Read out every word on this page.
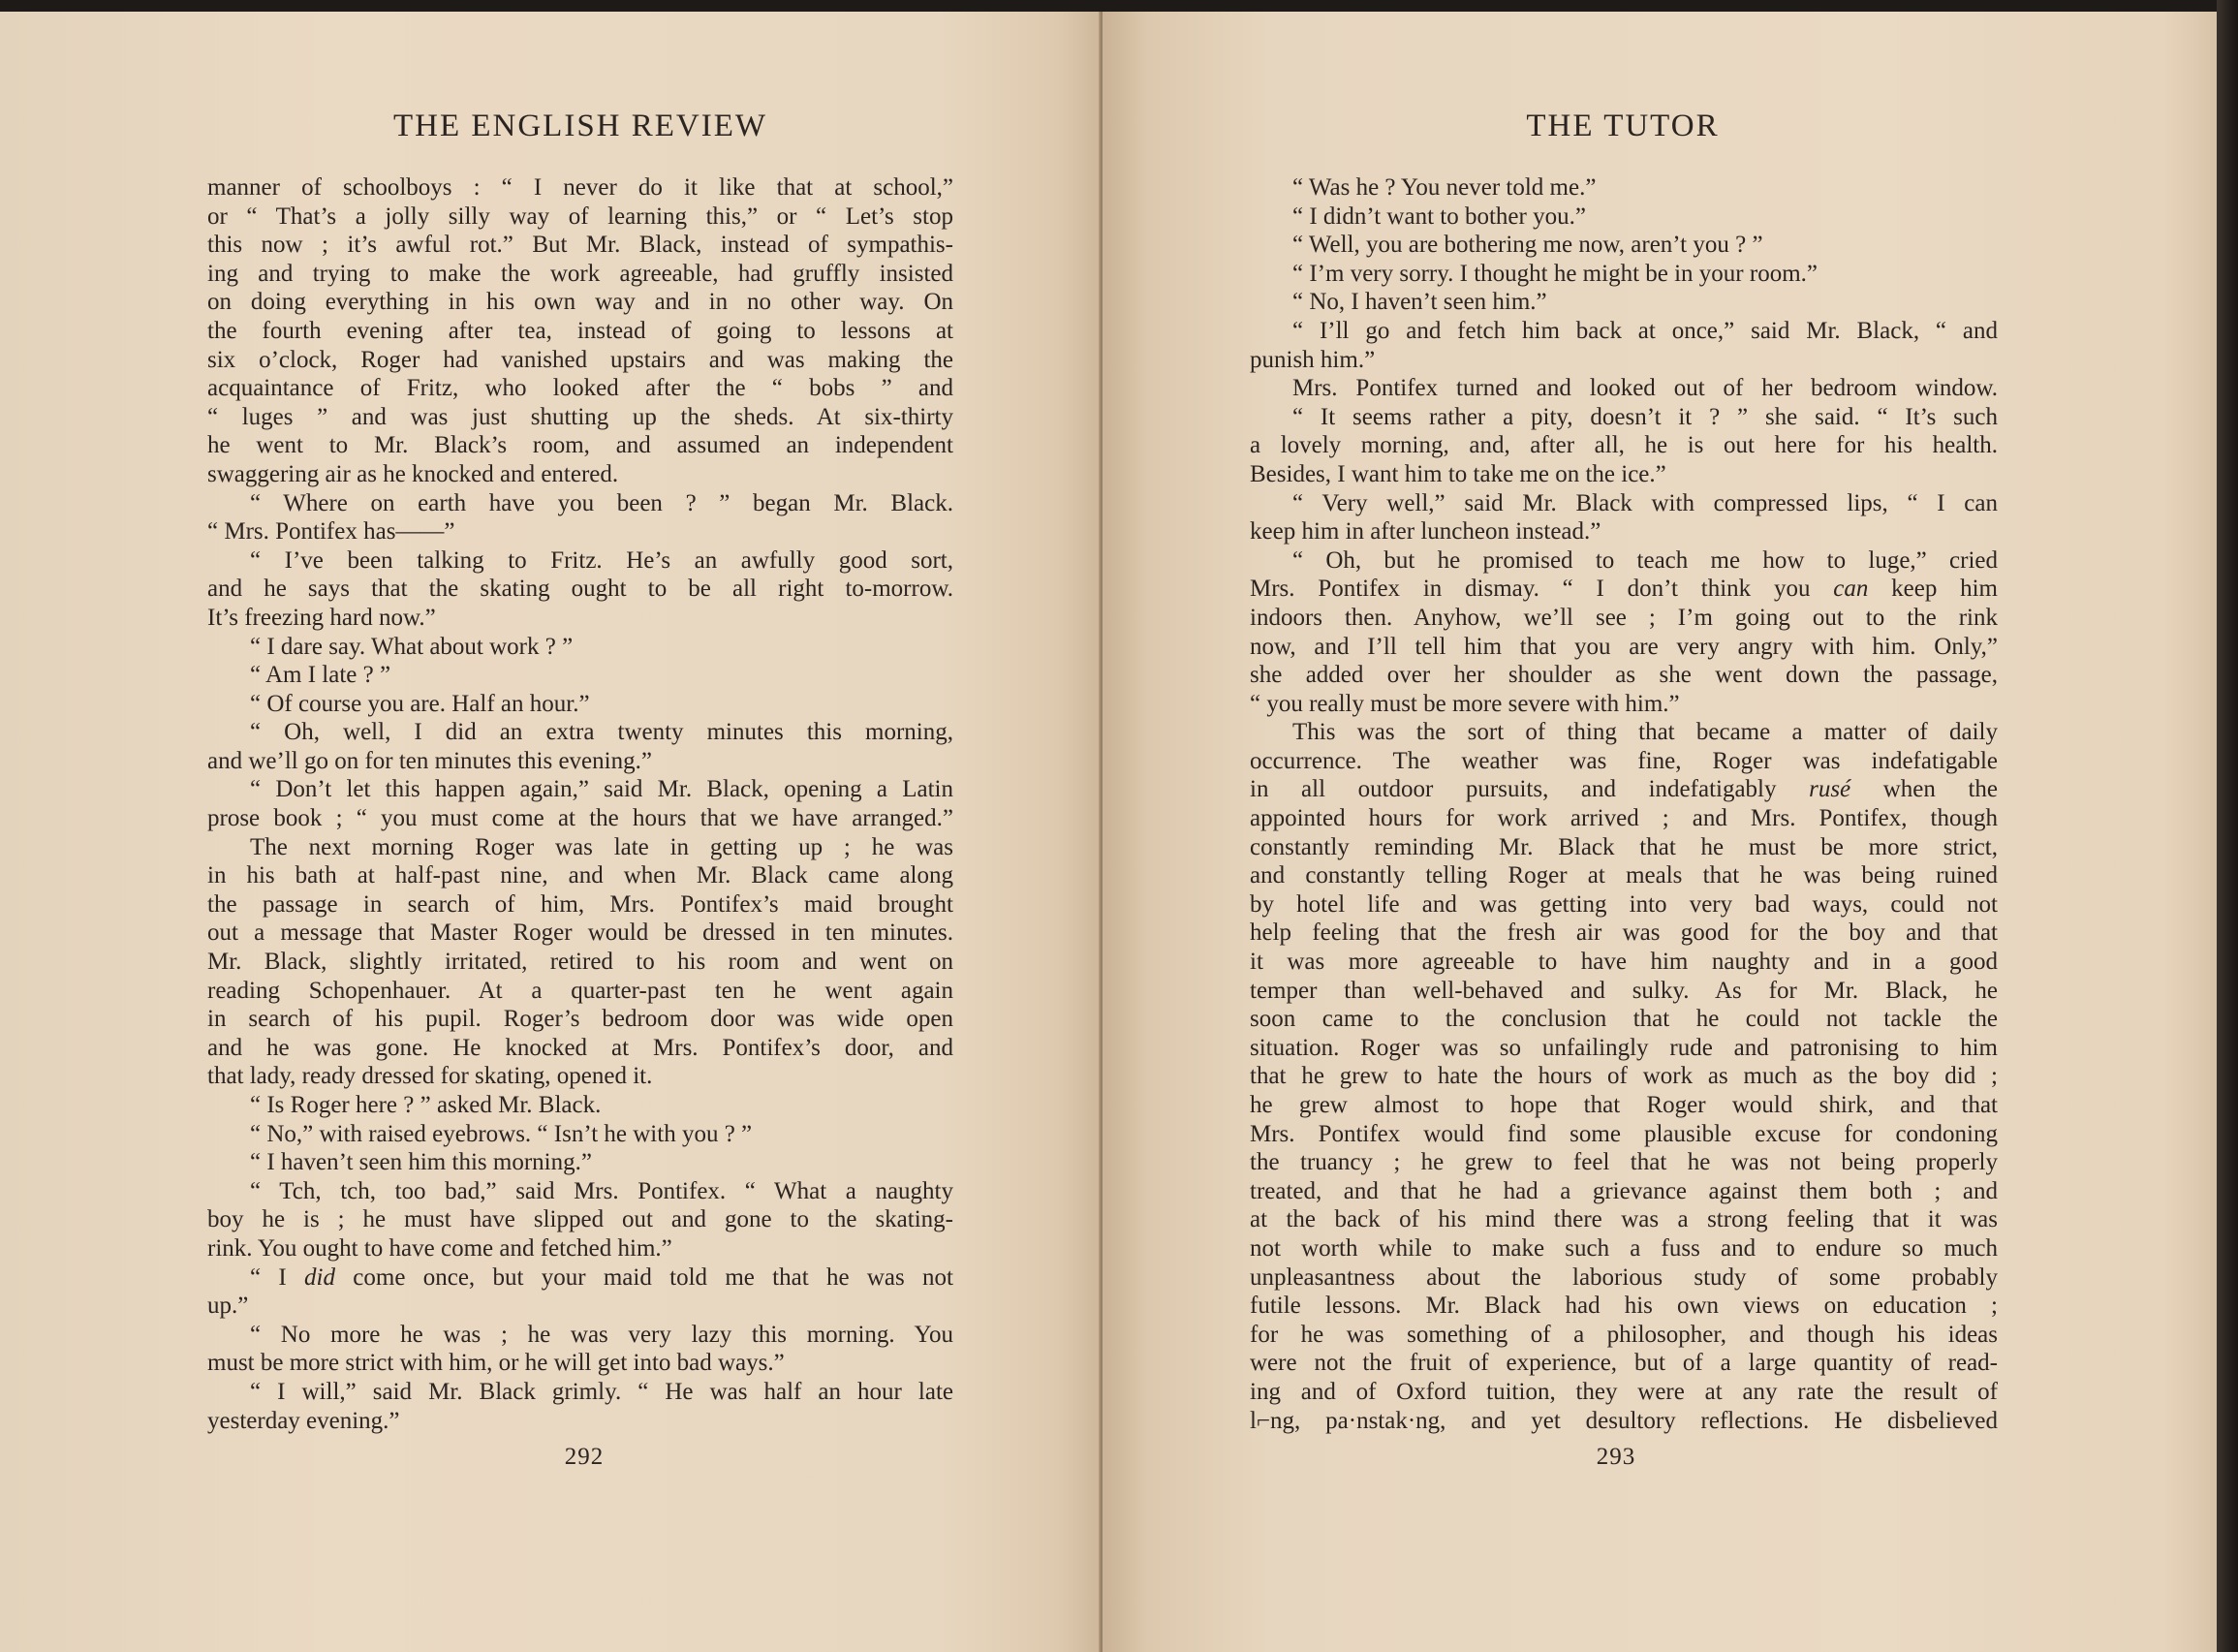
THE ENGLISH REVIEW

manner of schoolboys : “ I never do it like that at school,”

or “ That’s a jolly silly way of learning this,” or “ Let’s stop

this now ; it’s awful rot.” But Mr. Black, instead of sympathis-

ing and trying to make the work agreeable, had gruffly insisted

on doing everything in his own way and in no other way. On

the fourth evening after tea, instead of going to lessons at

six o’clock, Roger had vanished upstairs and was making the

acquaintance of Fritz, who looked after the “ bobs ” and

“ luges ” and was just shutting up the sheds. At six-thirty

he went to Mr. Black’s room, and assumed an independent

swaggering air as he knocked and entered.

“ Where on earth have you been ? ” began Mr. Black.

“ Mrs. Pontifex has——”

“ I’ve been talking to Fritz. He’s an awfully good sort,

and he says that the skating ought to be all right to-morrow.

It’s freezing hard now.”

“ I dare say. What about work ? ”

“ Am I late ? ”

“ Of course you are. Half an hour.”

“ Oh, well, I did an extra twenty minutes this morning,

and we’ll go on for ten minutes this evening.”

“ Don’t let this happen again,” said Mr. Black, opening a Latin

prose book ; “ you must come at the hours that we have arranged.”

The next morning Roger was late in getting up ; he was

in his bath at half-past nine, and when Mr. Black came along

the passage in search of him, Mrs. Pontifex’s maid brought

out a message that Master Roger would be dressed in ten minutes.

Mr. Black, slightly irritated, retired to his room and went on

reading Schopenhauer. At a quarter-past ten he went again

in search of his pupil. Roger’s bedroom door was wide open

and he was gone. He knocked at Mrs. Pontifex’s door, and

that lady, ready dressed for skating, opened it.

“ Is Roger here ? ” asked Mr. Black.

“ No,” with raised eyebrows. “ Isn’t he with you ? ”

“ I haven’t seen him this morning.”

“ Tch, tch, too bad,” said Mrs. Pontifex. “ What a naughty

boy he is ; he must have slipped out and gone to the skating-

rink. You ought to have come and fetched him.”

“ I did come once, but your maid told me that he was not

up.”

“ No more he was ; he was very lazy this morning. You

must be more strict with him, or he will get into bad ways.”

“ I will,” said Mr. Black grimly. “ He was half an hour late

yesterday evening.”

292
THE TUTOR

“ Was he ? You never told me.”

“ I didn’t want to bother you.”

“ Well, you are bothering me now, aren’t you ? ”

“ I’m very sorry. I thought he might be in your room.”

“ No, I haven’t seen him.”

“ I’ll go and fetch him back at once,” said Mr. Black, “ and

punish him.”

Mrs. Pontifex turned and looked out of her bedroom window.

“ It seems rather a pity, doesn’t it ? ” she said. “ It’s such

a lovely morning, and, after all, he is out here for his health.

Besides, I want him to take me on the ice.”

“ Very well,” said Mr. Black with compressed lips, “ I can

keep him in after luncheon instead.”

“ Oh, but he promised to teach me how to luge,” cried

Mrs. Pontifex in dismay. “ I don’t think you can keep him

indoors then. Anyhow, we’ll see ; I’m going out to the rink

now, and I’ll tell him that you are very angry with him. Only,”

she added over her shoulder as she went down the passage,

“ you really must be more severe with him.”

This was the sort of thing that became a matter of daily

occurrence. The weather was fine, Roger was indefatigable

in all outdoor pursuits, and indefatigably rusé when the

appointed hours for work arrived ; and Mrs. Pontifex, though

constantly reminding Mr. Black that he must be more strict,

and constantly telling Roger at meals that he was being ruined

by hotel life and was getting into very bad ways, could not

help feeling that the fresh air was good for the boy and that

it was more agreeable to have him naughty and in a good

temper than well-behaved and sulky. As for Mr. Black, he

soon came to the conclusion that he could not tackle the

situation. Roger was so unfailingly rude and patronising to him

that he grew to hate the hours of work as much as the boy did ;

he grew almost to hope that Roger would shirk, and that

Mrs. Pontifex would find some plausible excuse for condoning

the truancy ; he grew to feel that he was not being properly

treated, and that he had a grievance against them both ; and

at the back of his mind there was a strong feeling that it was

not worth while to make such a fuss and to endure so much

unpleasantness about the laborious study of some probably

futile lessons. Mr. Black had his own views on education ;

for he was something of a philosopher, and though his ideas

were not the fruit of experience, but of a large quantity of read-

ing and of Oxford tuition, they were at any rate the result of

l⌐ng, pa·nstak·ng, and yet desultory reflections. He disbelieved

293
